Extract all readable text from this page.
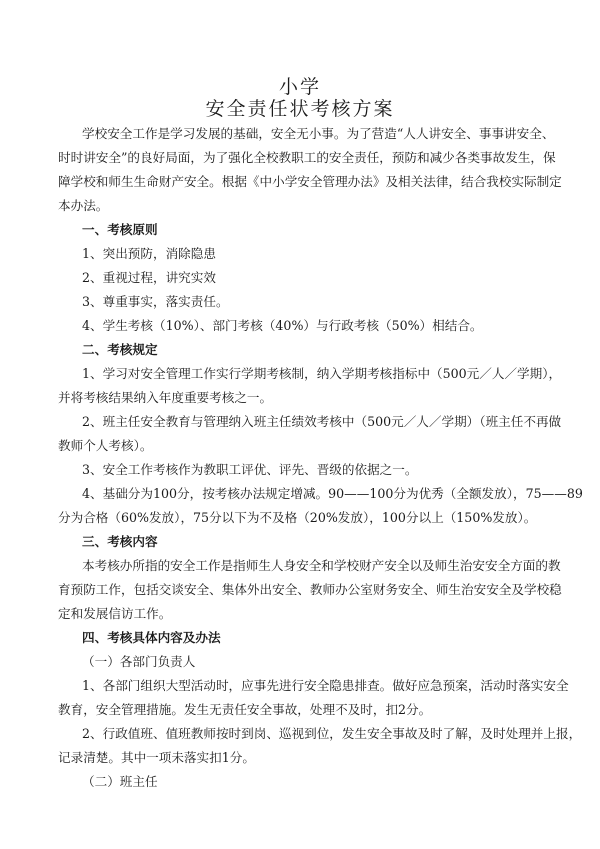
小学
安全责任状考核方案
学校安全工作是学习发展的基础，安全无小事。为了营造“人人讲安全、事事讲安全、
时时讲安全”的良好局面，为了强化全校教职工的安全责任，预防和减少各类事故发生，保
障学校和师生生命财产安全。根据《中小学安全管理办法》及相关法律，结合我校实际制定
本办法。
一、考核原则
1、突出预防，消除隐患
2、重视过程，讲究实效
3、尊重事实，落实责任。
4、学生考核（10%）、部门考核（40%）与行政考核（50%）相结合。
二、考核规定
1、学习对安全管理工作实行学期考核制，纳入学期考核指标中（500元／人／学期），
并将考核结果纳入年度重要考核之一。
2、班主任安全教育与管理纳入班主任绩效考核中（500元／人／学期）（班主任不再做
教师个人考核）。
3、安全工作考核作为教职工评优、评先、晋级的依据之一。
4、基础分为100分，按考核办法规定增减。90——100分为优秀（全额发放），75——89
分为合格（60%发放），75分以下为不及格（20%发放），100分以上（150%发放）。
三、考核内容
本考核办所指的安全工作是指师生人身安全和学校财产安全以及师生治安安全方面的教
育预防工作，包括交谈安全、集体外出安全、教师办公室财务安全、师生治安安全及学校稳
定和发展信访工作。
四、考核具体内容及办法
（一）各部门负责人
1、各部门组织大型活动时，应事先进行安全隐患排查。做好应急预案，活动时落实安全
教育，安全管理措施。发生无责任安全事故，处理不及时，扣2分。
2、行政值班、值班教师按时到岗、巡视到位，发生安全事故及时了解，及时处理并上报，
记录清楚。其中一项未落实扣1分。
（二）班主任
